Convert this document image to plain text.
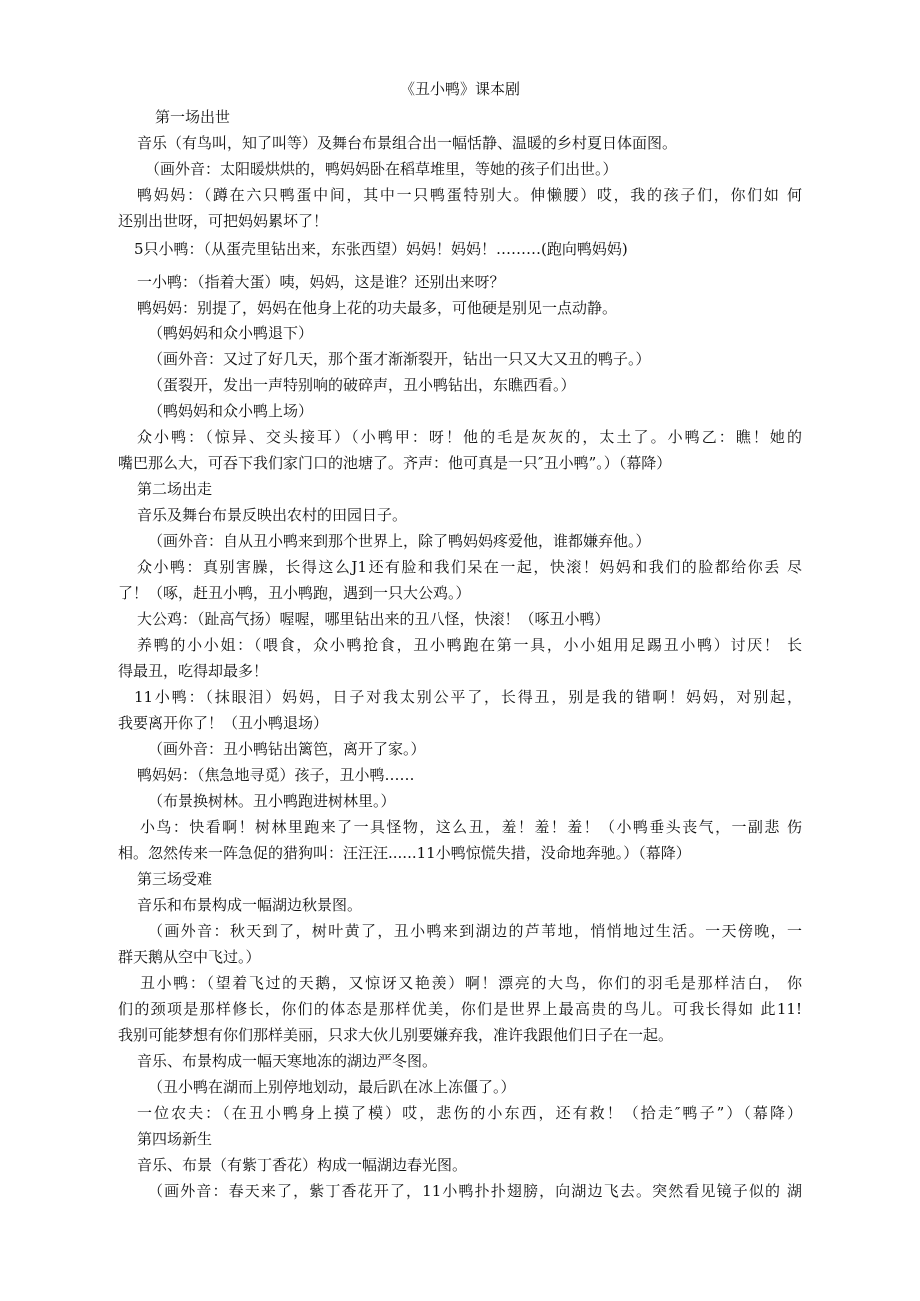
《丑小鸭》课本剧
第一场出世
音乐（有鸟叫，知了叫等）及舞台布景组合出一幅恬静、温暖的乡村夏日体面图。
（画外音：太阳暖烘烘的，鸭妈妈卧在稻草堆里，等她的孩子们出世。）
鸭妈妈：（蹲在六只鸭蛋中间，其中一只鸭蛋特别大。伸懒腰）哎，我的孩子们，你们如 何
还别出世呀，可把妈妈累坏了！
5只小鸭：（从蛋壳里钻出来，东张西望）妈妈！妈妈！………(跑向鸭妈妈)
一小鸭：（指着大蛋）咦，妈妈，这是谁？还别出来呀？
鸭妈妈：别提了，妈妈在他身上花的功夫最多，可他硬是别见一点动静。
（鸭妈妈和众小鸭退下）
（画外音：又过了好几天，那个蛋才渐渐裂开，钻出一只又大又丑的鸭子。）
（蛋裂开，发出一声特别响的破碎声，丑小鸭钻出，东瞧西看。）
（鸭妈妈和众小鸭上场）
众小鸭：（惊异、交头接耳）（小鸭甲：呀！他的毛是灰灰的，太土了。小鸭乙：瞧！她的
嘴巴那么大，可吞下我们家门口的池塘了。齐声：他可真是一只″丑小鸭”。）（幕降）
第二场出走
音乐及舞台布景反映出农村的田园日子。
（画外音：自从丑小鸭来到那个世界上，除了鸭妈妈疼爱他，谁都嫌弃他。）
众小鸭：真别害臊，长得这么J1还有脸和我们呆在一起，快滚！妈妈和我们的脸都给你丢 尽
了！（啄，赶丑小鸭，丑小鸭跑，遇到一只大公鸡。）
大公鸡：（趾高气扬）喔喔，哪里钻出来的丑八怪，快滚！（啄丑小鸭）
养鸭的小小姐：（喂食，众小鸭抢食，丑小鸭跑在第一具，小小姐用足踢丑小鸭）讨厌！ 长
得最丑，吃得却最多！
11小鸭：（抹眼泪）妈妈，日子对我太别公平了，长得丑，别是我的错啊！妈妈，对别起，
我要离开你了！（丑小鸭退场）
（画外音：丑小鸭钻出篱笆，离开了家。）
鸭妈妈：（焦急地寻觅）孩子，丑小鸭……
（布景换树林。丑小鸭跑进树林里。）
小鸟：快看啊！树林里跑来了一具怪物，这么丑，羞！羞！羞！（小鸭垂头丧气，一副悲 伤
相。忽然传来一阵急促的猎狗叫：汪汪汪......11小鸭惊慌失措，没命地奔驰。）（幕降）
第三场受难
音乐和布景构成一幅湖边秋景图。
（画外音：秋天到了，树叶黄了，丑小鸭来到湖边的芦苇地，悄悄地过生活。一天傍晚，一
群天鹅从空中飞过。）
丑小鸭：（望着飞过的天鹅，又惊讶又艳羡）啊！漂亮的大鸟，你们的羽毛是那样洁白， 你
们的颈项是那样修长，你们的体态是那样优美，你们是世界上最高贵的鸟儿。可我长得如 此11!
我别可能梦想有你们那样美丽，只求大伙儿别要嫌弃我，准许我跟他们日子在一起。
音乐、布景构成一幅天寒地冻的湖边严冬图。
（丑小鸭在湖而上别停地划动，最后趴在冰上冻僵了。）
一位农夫：（在丑小鸭身上摸了模）哎，悲伤的小东西，还有救！（拾走″鸭子”）（幕降）
第四场新生
音乐、布景（有紫丁香花）构成一幅湖边春光图。
（画外音：春天来了，紫丁香花开了，11小鸭扑扑翅膀，向湖边飞去。突然看见镜子似的 湖
